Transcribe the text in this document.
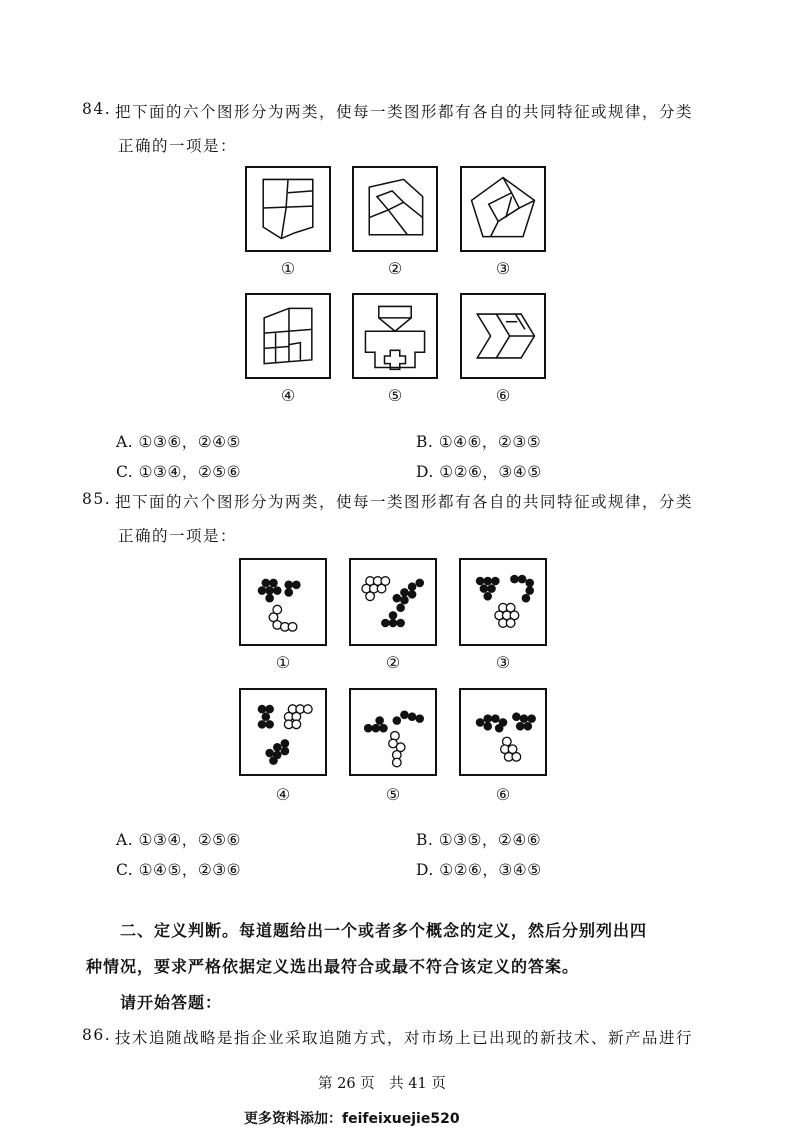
84. 把下面的六个图形分为两类，使每一类图形都有各自的共同特征或规律，分类
正确的一项是：
①	②	③
④	⑤	⑥
A. ①③⑥，②④⑤	B. ①④⑥，②③⑤
C. ①③④，②⑤⑥	D. ①②⑥，③④⑤
85. 把下面的六个图形分为两类，使每一类图形都有各自的共同特征或规律，分类
正确的一项是：
①	②	③
④	⑤	⑥
A. ①③④，②⑤⑥	B. ①③⑤，②④⑥
C. ①④⑤，②③⑥	D. ①②⑥，③④⑤
二、定义判断。每道题给出一个或者多个概念的定义，然后分别列出四
种情况，要求严格依据定义选出最符合或最不符合该定义的答案。
请开始答题：
86. 技术追随战略是指企业采取追随方式，对市场上已出现的新技术、新产品进行
第 26 页　共 41 页
更多资料添加：feifeixuejie520
